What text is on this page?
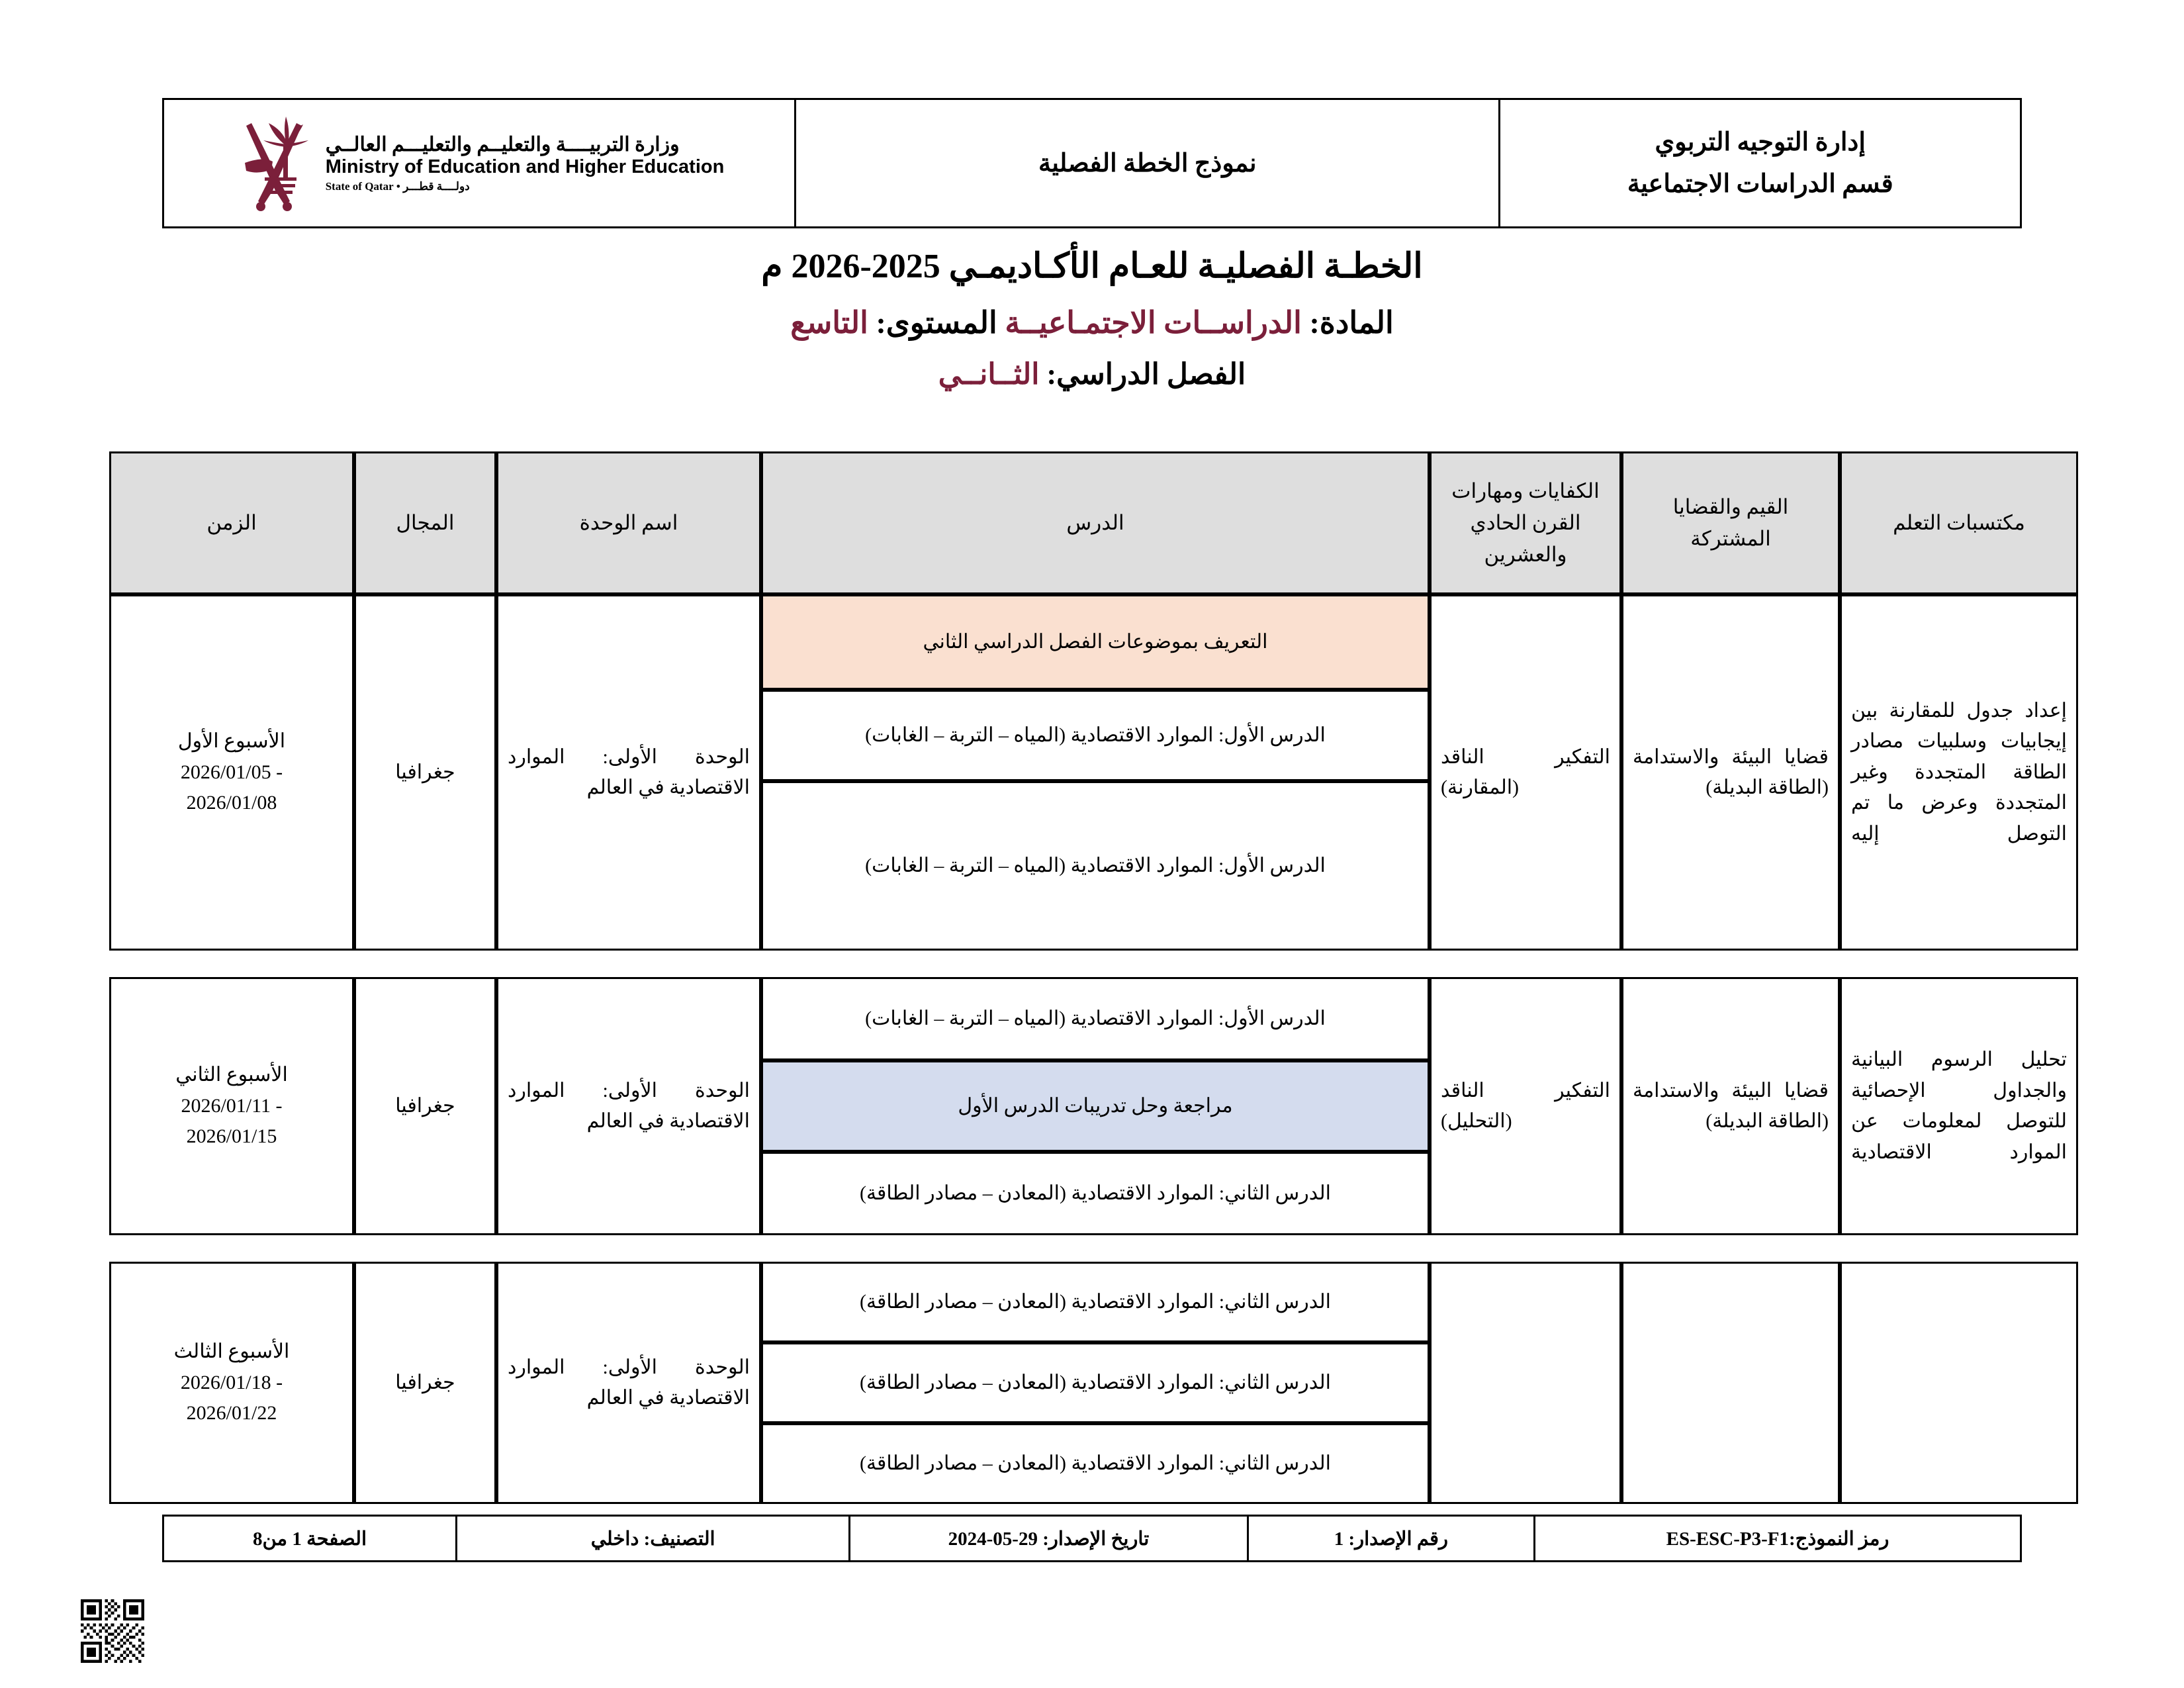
إدارة التوجيه التربوي
قسم الدراسات الاجتماعية
	نموذج الخطة الفصلية	
وزارة التربيــــة والتعليــم والتعليـــم العالــي
Ministry of Education and Higher Education
دولــــة قطـــر • State of Qatar
الخطـة الفصليـة للعـام الأكـاديمـي 2025-2026 م
المادة: الدراســات الاجتمـاعيــة المستوى: التاسع
الفصل الدراسي: الثــانــي
مكتسبات التعلم	القيم والقضايا المشتركة	الكفايات ومهارات القرن الحادي والعشرين	الدرس	اسم الوحدة	المجال	الزمن
إعداد جدول للمقارنة بين إيجابيات وسلبيات مصادر الطاقة المتجددة وغير المتجددة وعرض ما تم التوصل إليه	قضايا البيئة والاستدامة (الطاقة البديلة)	التفكير الناقد (المقارنة)	التعريف بموضوعات الفصل الدراسي الثاني	الوحدة الأولى: الموارد الاقتصادية في العالم	جغرافيا	الأسبوع الأول
- 2026/01/05
2026/01/08

			الدرس الأول: الموارد الاقتصادية (المياه – التربة – الغابات)			
			الدرس الأول: الموارد الاقتصادية (المياه – التربة – الغابات)			

تحليل الرسوم البيانية والجداول الإحصائية للتوصل لمعلومات عن الموارد الاقتصادية	قضايا البيئة والاستدامة (الطاقة البديلة)	التفكير الناقد (التحليل)	الدرس الأول: الموارد الاقتصادية (المياه – التربة – الغابات)	الوحدة الأولى: الموارد الاقتصادية في العالم	جغرافيا	الأسبوع الثاني
- 2026/01/11
2026/01/15

			مراجعة وحل تدريبات الدرس الأول			
			الدرس الثاني: الموارد الاقتصادية (المعادن – مصادر الطاقة)			

			الدرس الثاني: الموارد الاقتصادية (المعادن – مصادر الطاقة)	الوحدة الأولى: الموارد الاقتصادية في العالم	جغرافيا	الأسبوع الثالث
- 2026/01/18
2026/01/22

			الدرس الثاني: الموارد الاقتصادية (المعادن – مصادر الطاقة)			
			الدرس الثاني: الموارد الاقتصادية (المعادن – مصادر الطاقة)			
رمز النموذج:ES-ESC-P3-F1	رقم الإصدار: 1	تاريخ الإصدار: 29-05-2024	التصنيف: داخلي	الصفحة 1 من8
